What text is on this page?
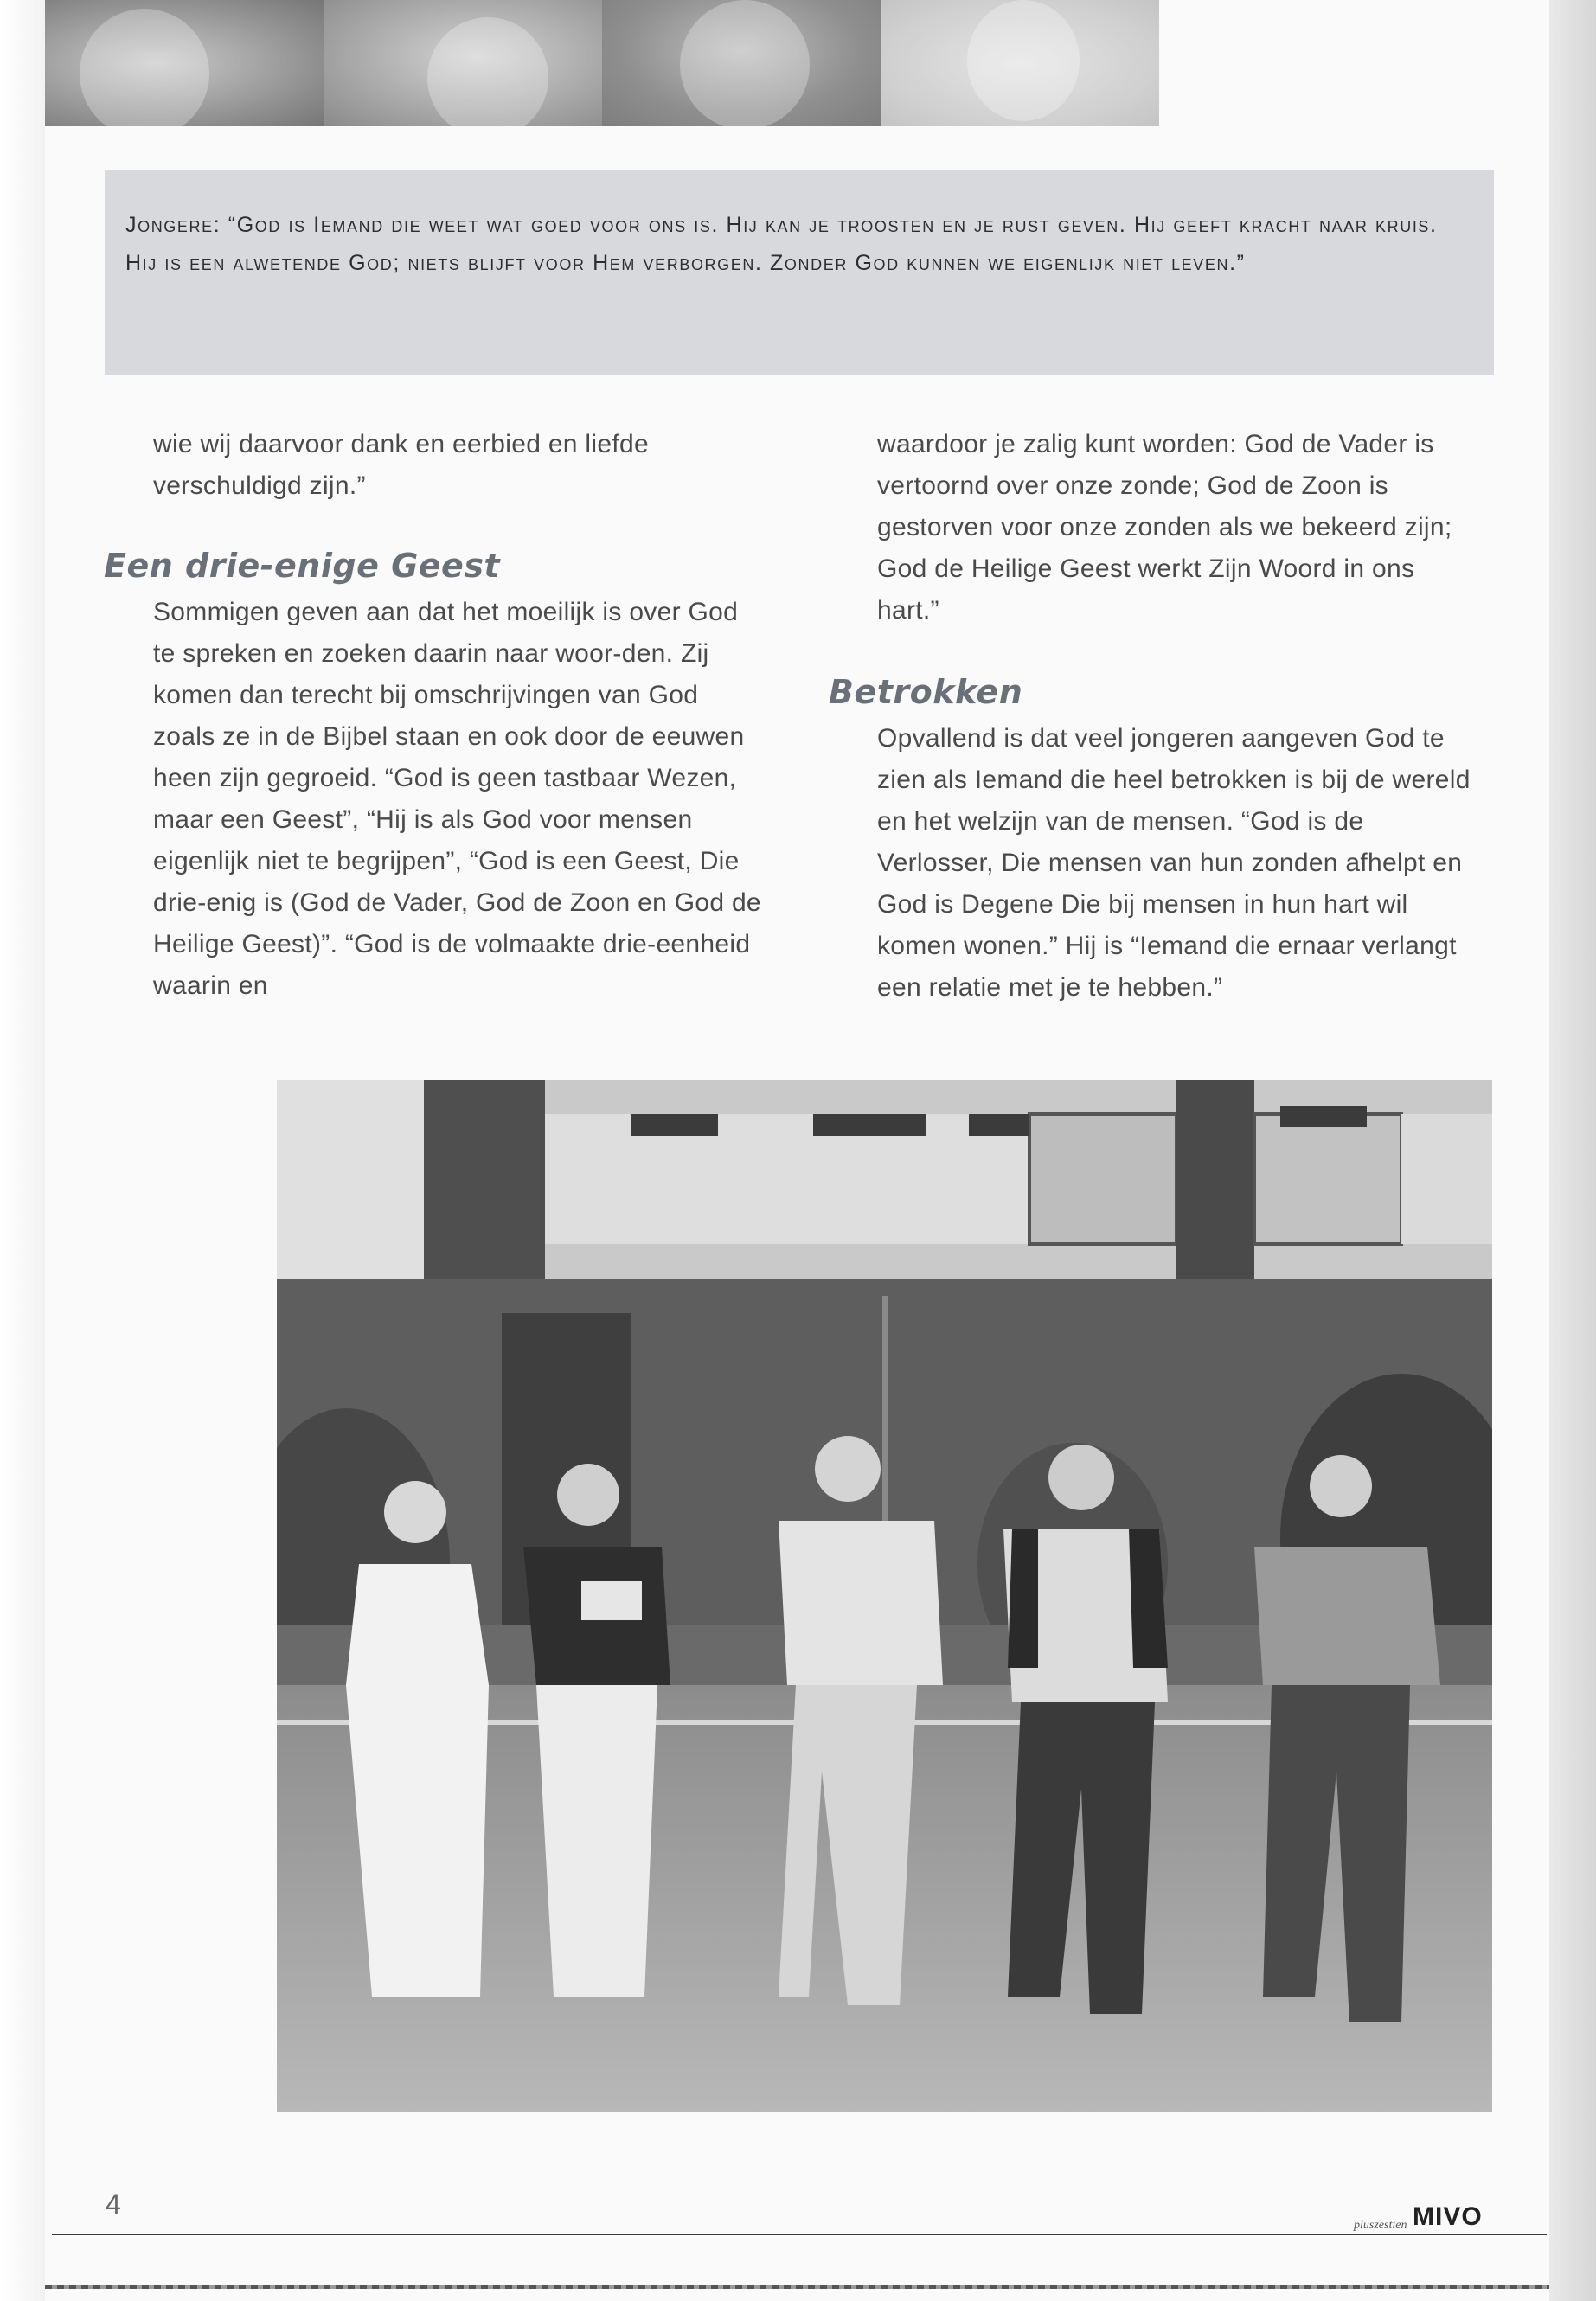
Jongere: “God is Iemand die weet wat goed voor ons is. Hij kan je troosten en je rust geven. Hij geeft kracht naar kruis. Hij is een alwetende God; niets blijft voor Hem verborgen. Zonder God kunnen we eigenlijk niet leven.”

wie wij daarvoor dank en eerbied en liefde verschuldigd zijn.”

Een drie-enige Geest

Sommigen geven aan dat het moeilijk is over God te spreken en zoeken daarin naar woor-den. Zij komen dan terecht bij omschrijvingen van God zoals ze in de Bijbel staan en ook door de eeuwen heen zijn gegroeid. “God is geen tastbaar Wezen, maar een Geest”, “Hij is als God voor mensen eigenlijk niet te begrijpen”, “God is een Geest, Die drie-enig is (God de Vader, God de Zoon en God de Heilige Geest)”. “God is de volmaakte drie-eenheid waarin en

waardoor je zalig kunt worden: God de Vader is vertoornd over onze zonde; God de Zoon is gestorven voor onze zonden als we bekeerd zijn; God de Heilige Geest werkt Zijn Woord in ons hart.”

Betrokken

Opvallend is dat veel jongeren aangeven God te zien als Iemand die heel betrokken is bij de wereld en het welzijn van de mensen. “God is de Verlosser, Die mensen van hun zonden afhelpt en God is Degene Die bij mensen in hun hart wil komen wonen.” Hij is “Iemand die ernaar verlangt een relatie met je te hebben.”

4
pluszestien MIVO
